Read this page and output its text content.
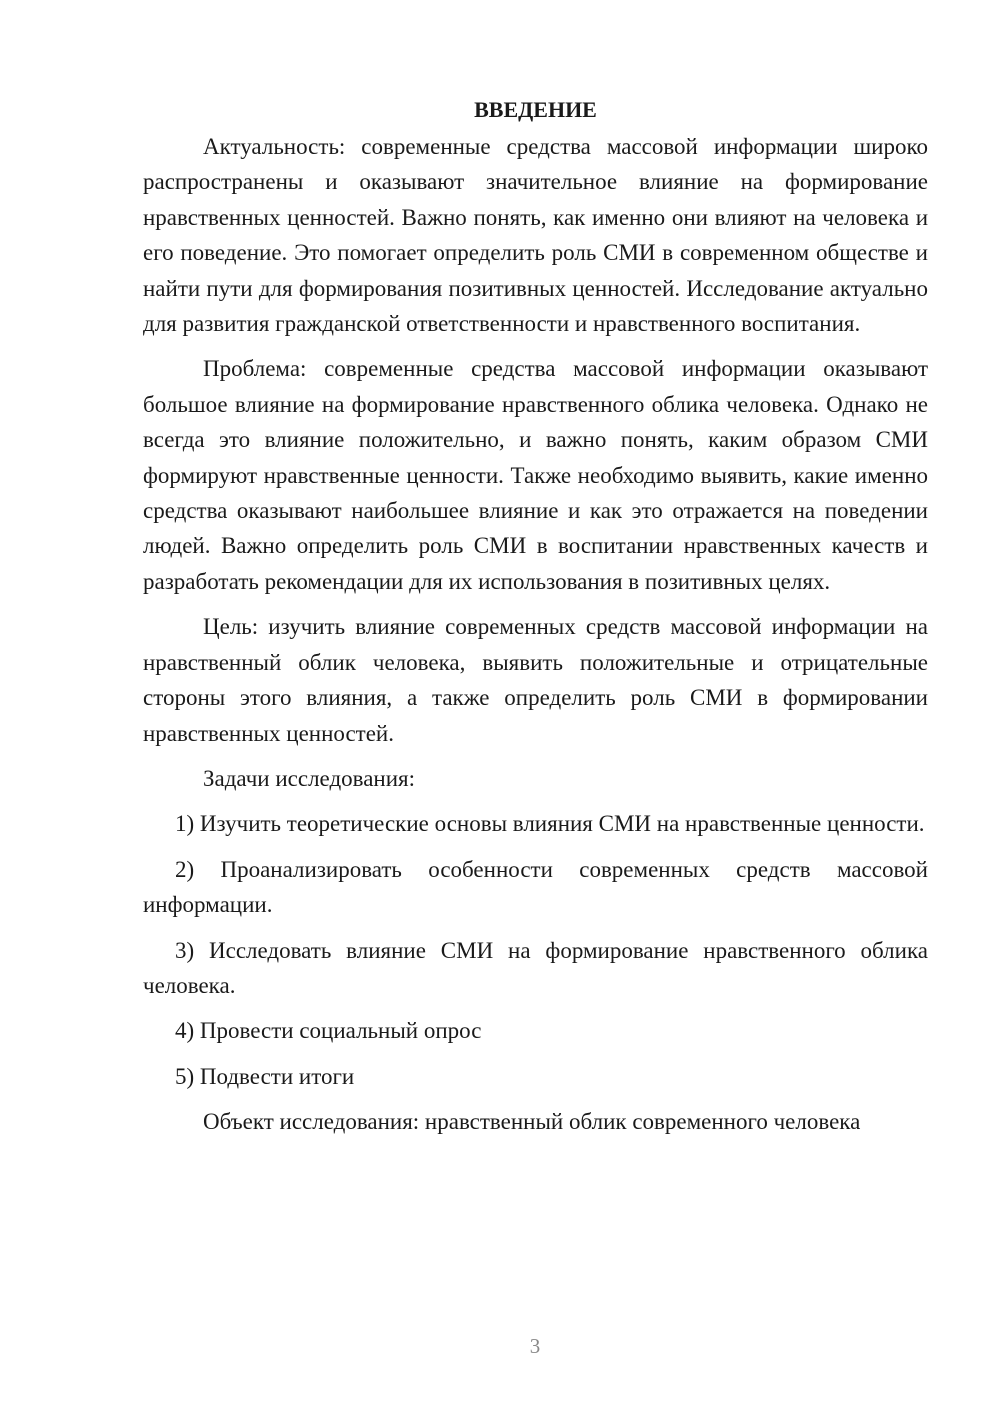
ВВЕДЕНИЕ

Актуальность: современные средства массовой информации широко распространены и оказывают значительное влияние на формирование нравственных ценностей. Важно понять, как именно они влияют на человека и его поведение. Это помогает определить роль СМИ в современном обществе и найти пути для формирования позитивных ценностей. Исследование актуально для развития гражданской ответственности и нравственного воспитания.

Проблема: современные средства массовой информации оказывают большое влияние на формирование нравственного облика человека. Однако не всегда это влияние положительно, и важно понять, каким образом СМИ формируют нравственные ценности. Также необходимо выявить, какие именно средства оказывают наибольшее влияние и как это отражается на поведении людей. Важно определить роль СМИ в воспитании нравственных качеств и разработать рекомендации для их использования в позитивных целях.

Цель: изучить влияние современных средств массовой информации на нравственный облик человека, выявить положительные и отрицательные стороны этого влияния, а также определить роль СМИ в формировании нравственных ценностей.

Задачи исследования:

1) Изучить теоретические основы влияния СМИ на нравственные ценности.

2) Проанализировать особенности современных средств массовой информации.

3) Исследовать влияние СМИ на формирование нравственного облика человека.

4) Провести социальный опрос

5) Подвести итоги

Объект исследования: нравственный облик современного человека

3
